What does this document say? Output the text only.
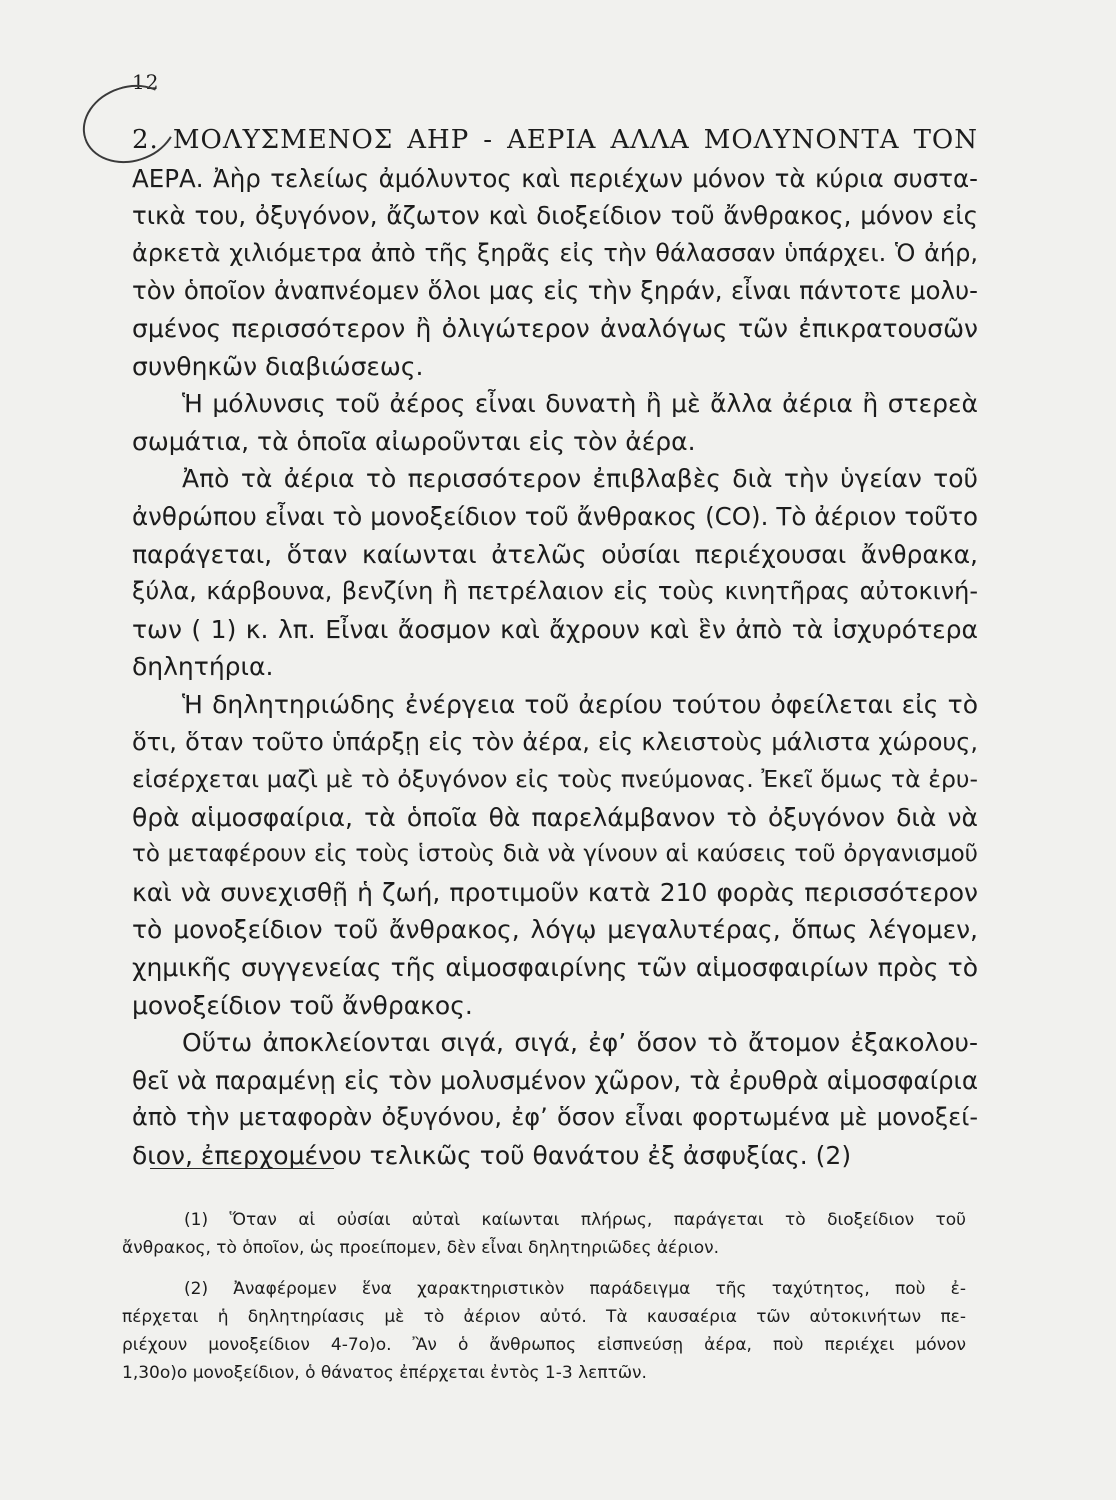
12
2. ΜΟΛΥΣΜΕΝΟΣ ΑΗΡ - ΑΕΡΙΑ ΑΛΛΑ ΜΟΛΥΝΟΝΤΑ ΤΟΝ
ΑΕΡΑ. Ἀὴρ τελείως ἀμόλυντος καὶ περιέχων μόνον τὰ κύρια συστα-
τικὰ του, ὀξυγόνον, ἄζωτον καὶ διοξείδιον τοῦ ἄνθρακος, μόνον εἰς
ἀρκετὰ χιλιόμετρα ἀπὸ τῆς ξηρᾶς εἰς τὴν θάλασσαν ὑπάρχει. Ὁ ἀήρ,
τὸν ὁποῖον ἀναπνέομεν ὅλοι μας εἰς τὴν ξηράν, εἶναι πάντοτε μολυ-
σμένος περισσότερον ἢ ὀλιγώτερον ἀναλόγως τῶν ἐπικρατουσῶν
συνθηκῶν διαβιώσεως.
Ἡ μόλυνσις τοῦ ἀέρος εἶναι δυνατὴ ἢ μὲ ἄλλα ἀέρια ἢ στερεὰ
σωμάτια, τὰ ὁποῖα αἰωροῦνται εἰς τὸν ἀέρα.
Ἀπὸ τὰ ἀέρια τὸ περισσότερον ἐπιβλαβὲς διὰ τὴν ὑγείαν τοῦ
ἀνθρώπου εἶναι τὸ μονοξείδιον τοῦ ἄνθρακος (CO). Τὸ ἀέριον τοῦτο
παράγεται, ὅταν καίωνται ἀτελῶς οὐσίαι περιέχουσαι ἄνθρακα,
ξύλα, κάρβουνα, βενζίνη ἢ πετρέλαιον εἰς τοὺς κινητῆρας αὐτοκινή-
των ( 1) κ. λπ. Εἶναι ἄοσμον καὶ ἄχρουν καὶ ἓν ἀπὸ τὰ ἰσχυρότερα
δηλητήρια.
Ἡ δηλητηριώδης ἐνέργεια τοῦ ἀερίου τούτου ὀφείλεται εἰς τὸ
ὅτι, ὅταν τοῦτο ὑπάρξῃ εἰς τὸν ἀέρα, εἰς κλειστοὺς μάλιστα χώρους,
εἰσέρχεται μαζὶ μὲ τὸ ὀξυγόνον εἰς τοὺς πνεύμονας. Ἐκεῖ ὅμως τὰ ἐρυ-
θρὰ αἱμοσφαίρια, τὰ ὁποῖα θὰ παρελάμβανον τὸ ὀξυγόνον διὰ νὰ
τὸ μεταφέρουν εἰς τοὺς ἱστοὺς διὰ νὰ γίνουν αἱ καύσεις τοῦ ὀργανισμοῦ
καὶ νὰ συνεχισθῇ ἡ ζωή, προτιμοῦν κατὰ 210 φορὰς περισσότερον
τὸ μονοξείδιον τοῦ ἄνθρακος, λόγῳ μεγαλυτέρας, ὅπως λέγομεν,
χημικῆς συγγενείας τῆς αἱμοσφαιρίνης τῶν αἱμοσφαιρίων πρὸς τὸ
μονοξείδιον τοῦ ἄνθρακος.
Οὕτω ἀποκλείονται σιγά, σιγά, ἐφ’ ὅσον τὸ ἄτομον ἐξακολου-
θεῖ νὰ παραμένῃ εἰς τὸν μολυσμένον χῶρον, τὰ ἐρυθρὰ αἱμοσφαίρια
ἀπὸ τὴν μεταφορὰν ὀξυγόνου, ἐφ’ ὅσον εἶναι φορτωμένα μὲ μονοξεί-
διον, ἐπερχομένου τελικῶς τοῦ θανάτου ἐξ ἀσφυξίας. (2)
(1) Ὅταν αἱ οὐσίαι αὐταὶ καίωνται πλήρως, παράγεται τὸ διοξείδιον τοῦ
ἄνθρακος, τὸ ὁποῖον, ὡς προείπομεν, δὲν εἶναι δηλητηριῶδες ἀέριον.
(2) Ἀναφέρομεν ἕνα χαρακτηριστικὸν παράδειγμα τῆς ταχύτητος, ποὺ ἐ-
πέρχεται ἡ δηλητηρίασις μὲ τὸ ἀέριον αὐτό. Τὰ καυσαέρια τῶν αὐτοκινήτων πε-
ριέχουν μονοξείδιον 4-7ο)ο. Ἂν ὁ ἄνθρωπος εἰσπνεύσῃ ἀέρα, ποὺ περιέχει μόνον
1,30ο)ο μονοξείδιον, ὁ θάνατος ἐπέρχεται ἐντὸς 1-3 λεπτῶν.
